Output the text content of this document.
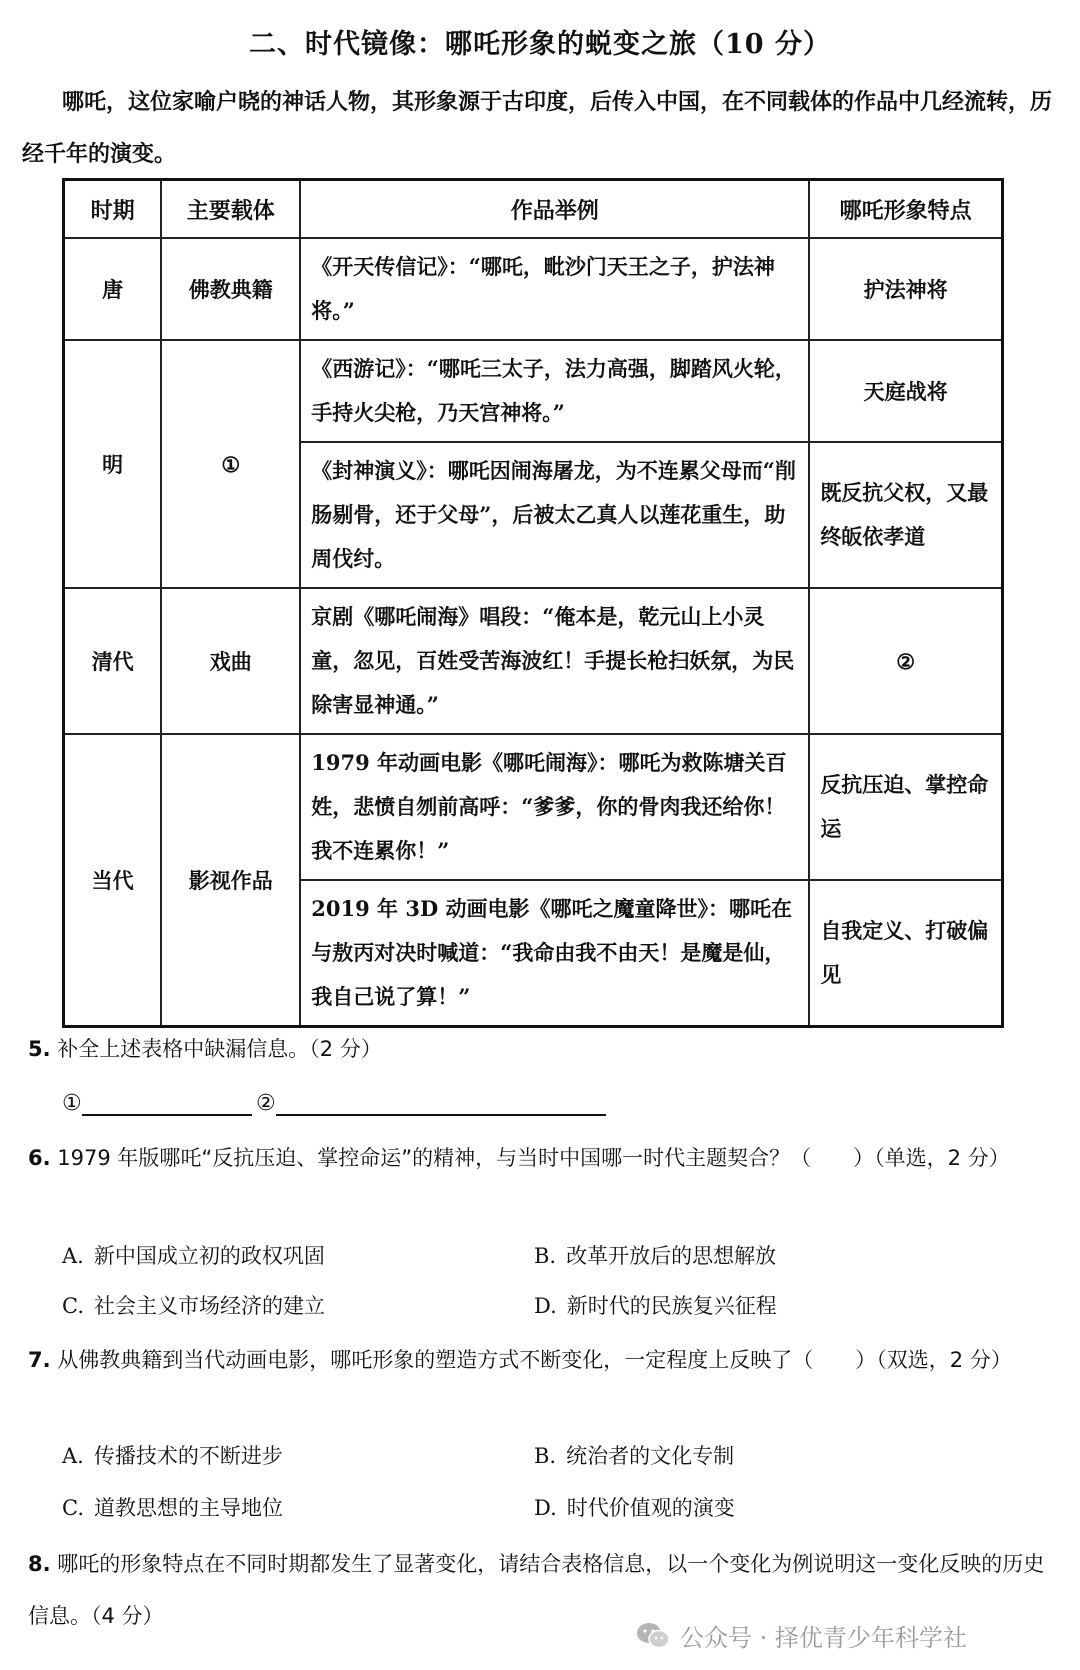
二、时代镜像：哪吒形象的蜕变之旅（10 分）
哪吒，这位家喻户晓的神话人物，其形象源于古印度，后传入中国，在不同载体的作品中几经流转，历经千年的演变。
时期	主要载体	作品举例	哪吒形象特点
唐	佛教典籍	《开天传信记》：“哪吒，毗沙门天王之子，护法神将。”	护法神将
明	①	《西游记》：“哪吒三太子，法力高强，脚踏风火轮，手持火尖枪，乃天宫神将。”	天庭战将
		《封神演义》：哪吒因闹海屠龙，为不连累父母而“削肠剔骨，还于父母”，后被太乙真人以莲花重生，助周伐纣。	既反抗父权，又最终皈依孝道
清代	戏曲	京剧《哪吒闹海》唱段：“俺本是，乾元山上小灵童，忽见，百姓受苦海波红！手提长枪扫妖氛，为民除害显神通。”	②
当代	影视作品	1979 年动画电影《哪吒闹海》：哪吒为救陈塘关百姓，悲愤自刎前高呼：“爹爹，你的骨肉我还给你！我不连累你！”	反抗压迫、掌控命运
		2019 年 3D 动画电影《哪吒之魔童降世》：哪吒在与敖丙对决时喊道：“我命由我不由天！是魔是仙，我自己说了算！”	自我定义、打破偏见
5. 补全上述表格中缺漏信息。（2 分）
①	②
6. 1979 年版哪吒“反抗压迫、掌控命运”的精神，与当时中国哪一时代主题契合？（　　）（单选，2 分）
A. 新中国成立初的政权巩固	B. 改革开放后的思想解放
C. 社会主义市场经济的建立	D. 新时代的民族复兴征程
7. 从佛教典籍到当代动画电影，哪吒形象的塑造方式不断变化，一定程度上反映了（　　）（双选，2 分）
A. 传播技术的不断进步	B. 统治者的文化专制
C. 道教思想的主导地位	D. 时代价值观的演变
8. 哪吒的形象特点在不同时期都发生了显著变化，请结合表格信息，以一个变化为例说明这一变化反映的历史信息。（4 分）
公众号 · 择优青少年科学社
